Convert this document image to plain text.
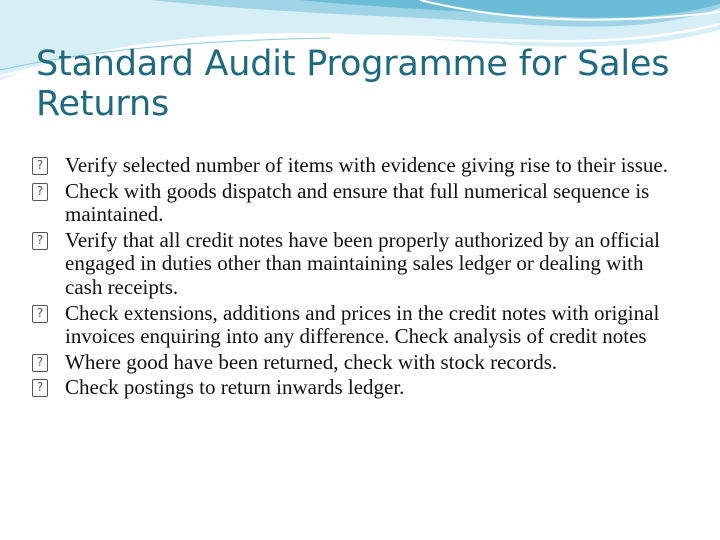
Standard Audit Programme for Sales Returns
? Verify selected number of items with evidence giving rise to their issue.
? Check with goods dispatch and ensure that full numerical sequence is maintained.
? Verify that all credit notes have been properly authorized by an official engaged in duties other than maintaining sales ledger or dealing with cash receipts.
? Check extensions, additions and prices in the credit notes with original invoices enquiring into any difference. Check analysis of credit notes
? Where good have been returned, check with stock records.
? Check postings to return inwards ledger.
